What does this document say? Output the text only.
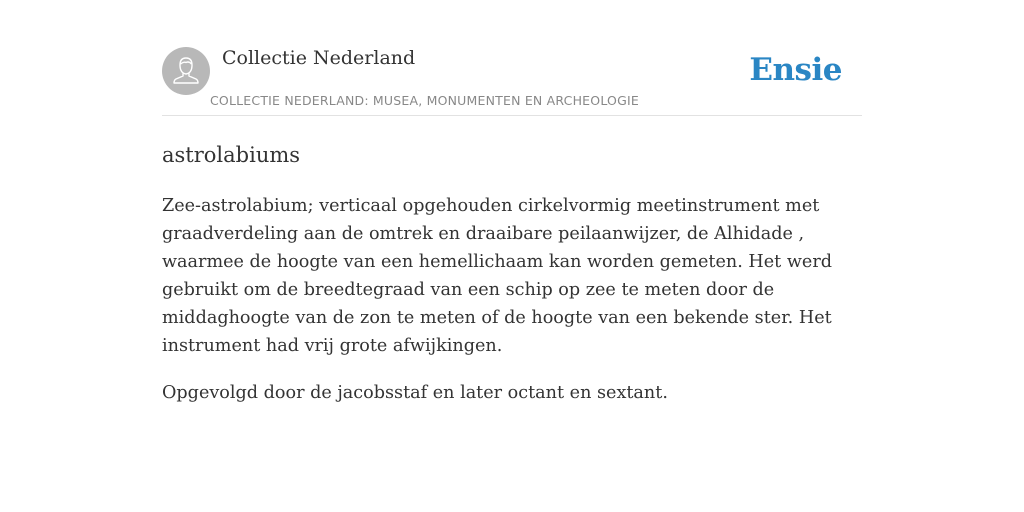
Collectie Nederland
COLLECTIE NEDERLAND: MUSEA, MONUMENTEN EN ARCHEOLOGIE
Ensie
astrolabiums

Zee-astrolabium; verticaal opgehouden cirkelvormig meetinstrument met graadverdeling aan de omtrek en draaibare peilaanwijzer, de Alhidade , waarmee de hoogte van een hemellichaam kan worden gemeten. Het werd gebruikt om de breedtegraad van een schip op zee te meten door de middaghoogte van de zon te meten of de hoogte van een bekende ster. Het instrument had vrij grote afwijkingen.

Opgevolgd door de jacobsstaf en later octant en sextant.
